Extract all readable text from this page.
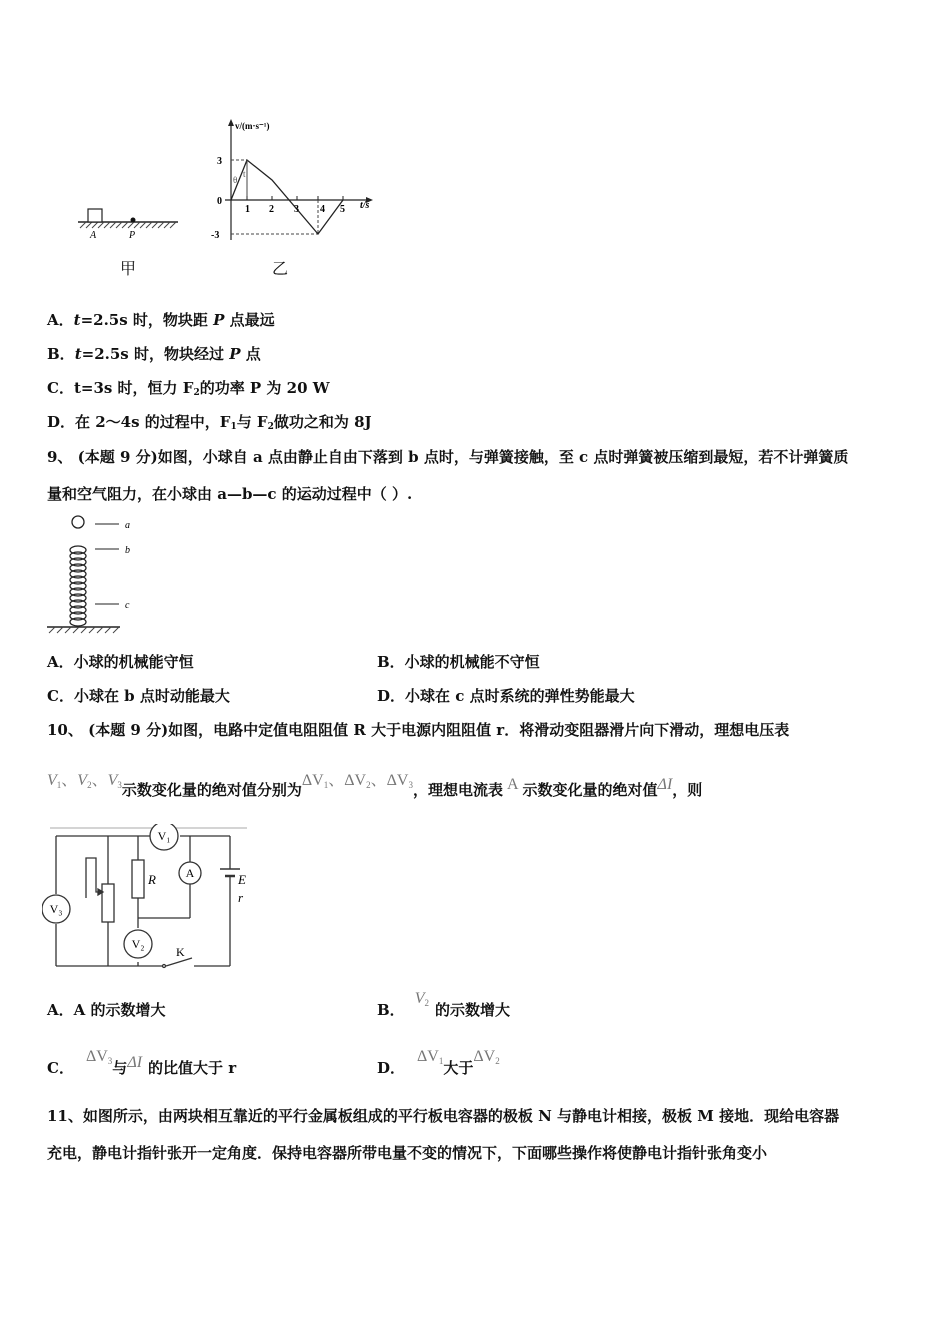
A	P
甲
v/(m·s⁻¹)
t/s
3
0
-3
1 2 3 4 5
θ
t
乙
A．t=2.5s 时，物块距 P 点最远
B．t=2.5s 时，物块经过 P 点
C．t=3s 时，恒力 F2的功率 P 为 20 W
D．在 2～4s 的过程中，F1与 F2做功之和为 8J
9、 (本题 9 分)如图，小球自 a 点由静止自由下落到 b 点时，与弹簧接触，至 c 点时弹簧被压缩到最短，若不计弹簧质
量和空气阻力，在小球由 a—b—c 的运动过程中（ ）.
a
b
c
A．小球的机械能守恒	B．小球的机械能不守恒
C．小球在 b 点时动能最大	D．小球在 c 点时系统的弹性势能最大
10、 (本题 9 分)如图，电路中定值电阻阻值 R 大于电源内阻阻值 r．将滑动变阻器滑片向下滑动，理想电压表
$V_1$、$V_2$、$V_3$示数变化量的绝对值分别为$\Delta V_1$、$\Delta V_2$、$\Delta V_3$，理想电流表 A 示数变化量的绝对值ΔI，则
V₁
A
V₃
V₂
R	E
r
K
A．A 的示数增大	B．$V_2$ 的示数增大
C．$\Delta V_3$与ΔI 的比值大于 r	D．$\Delta V_1$大于$\Delta V_2$
11、如图所示，由两块相互靠近的平行金属板组成的平行板电容器的极板 N 与静电计相接，极板 M 接地．现给电容器
充电，静电计指针张开一定角度．保持电容器所带电量不变的情况下，下面哪些操作将使静电计指针张角变小
